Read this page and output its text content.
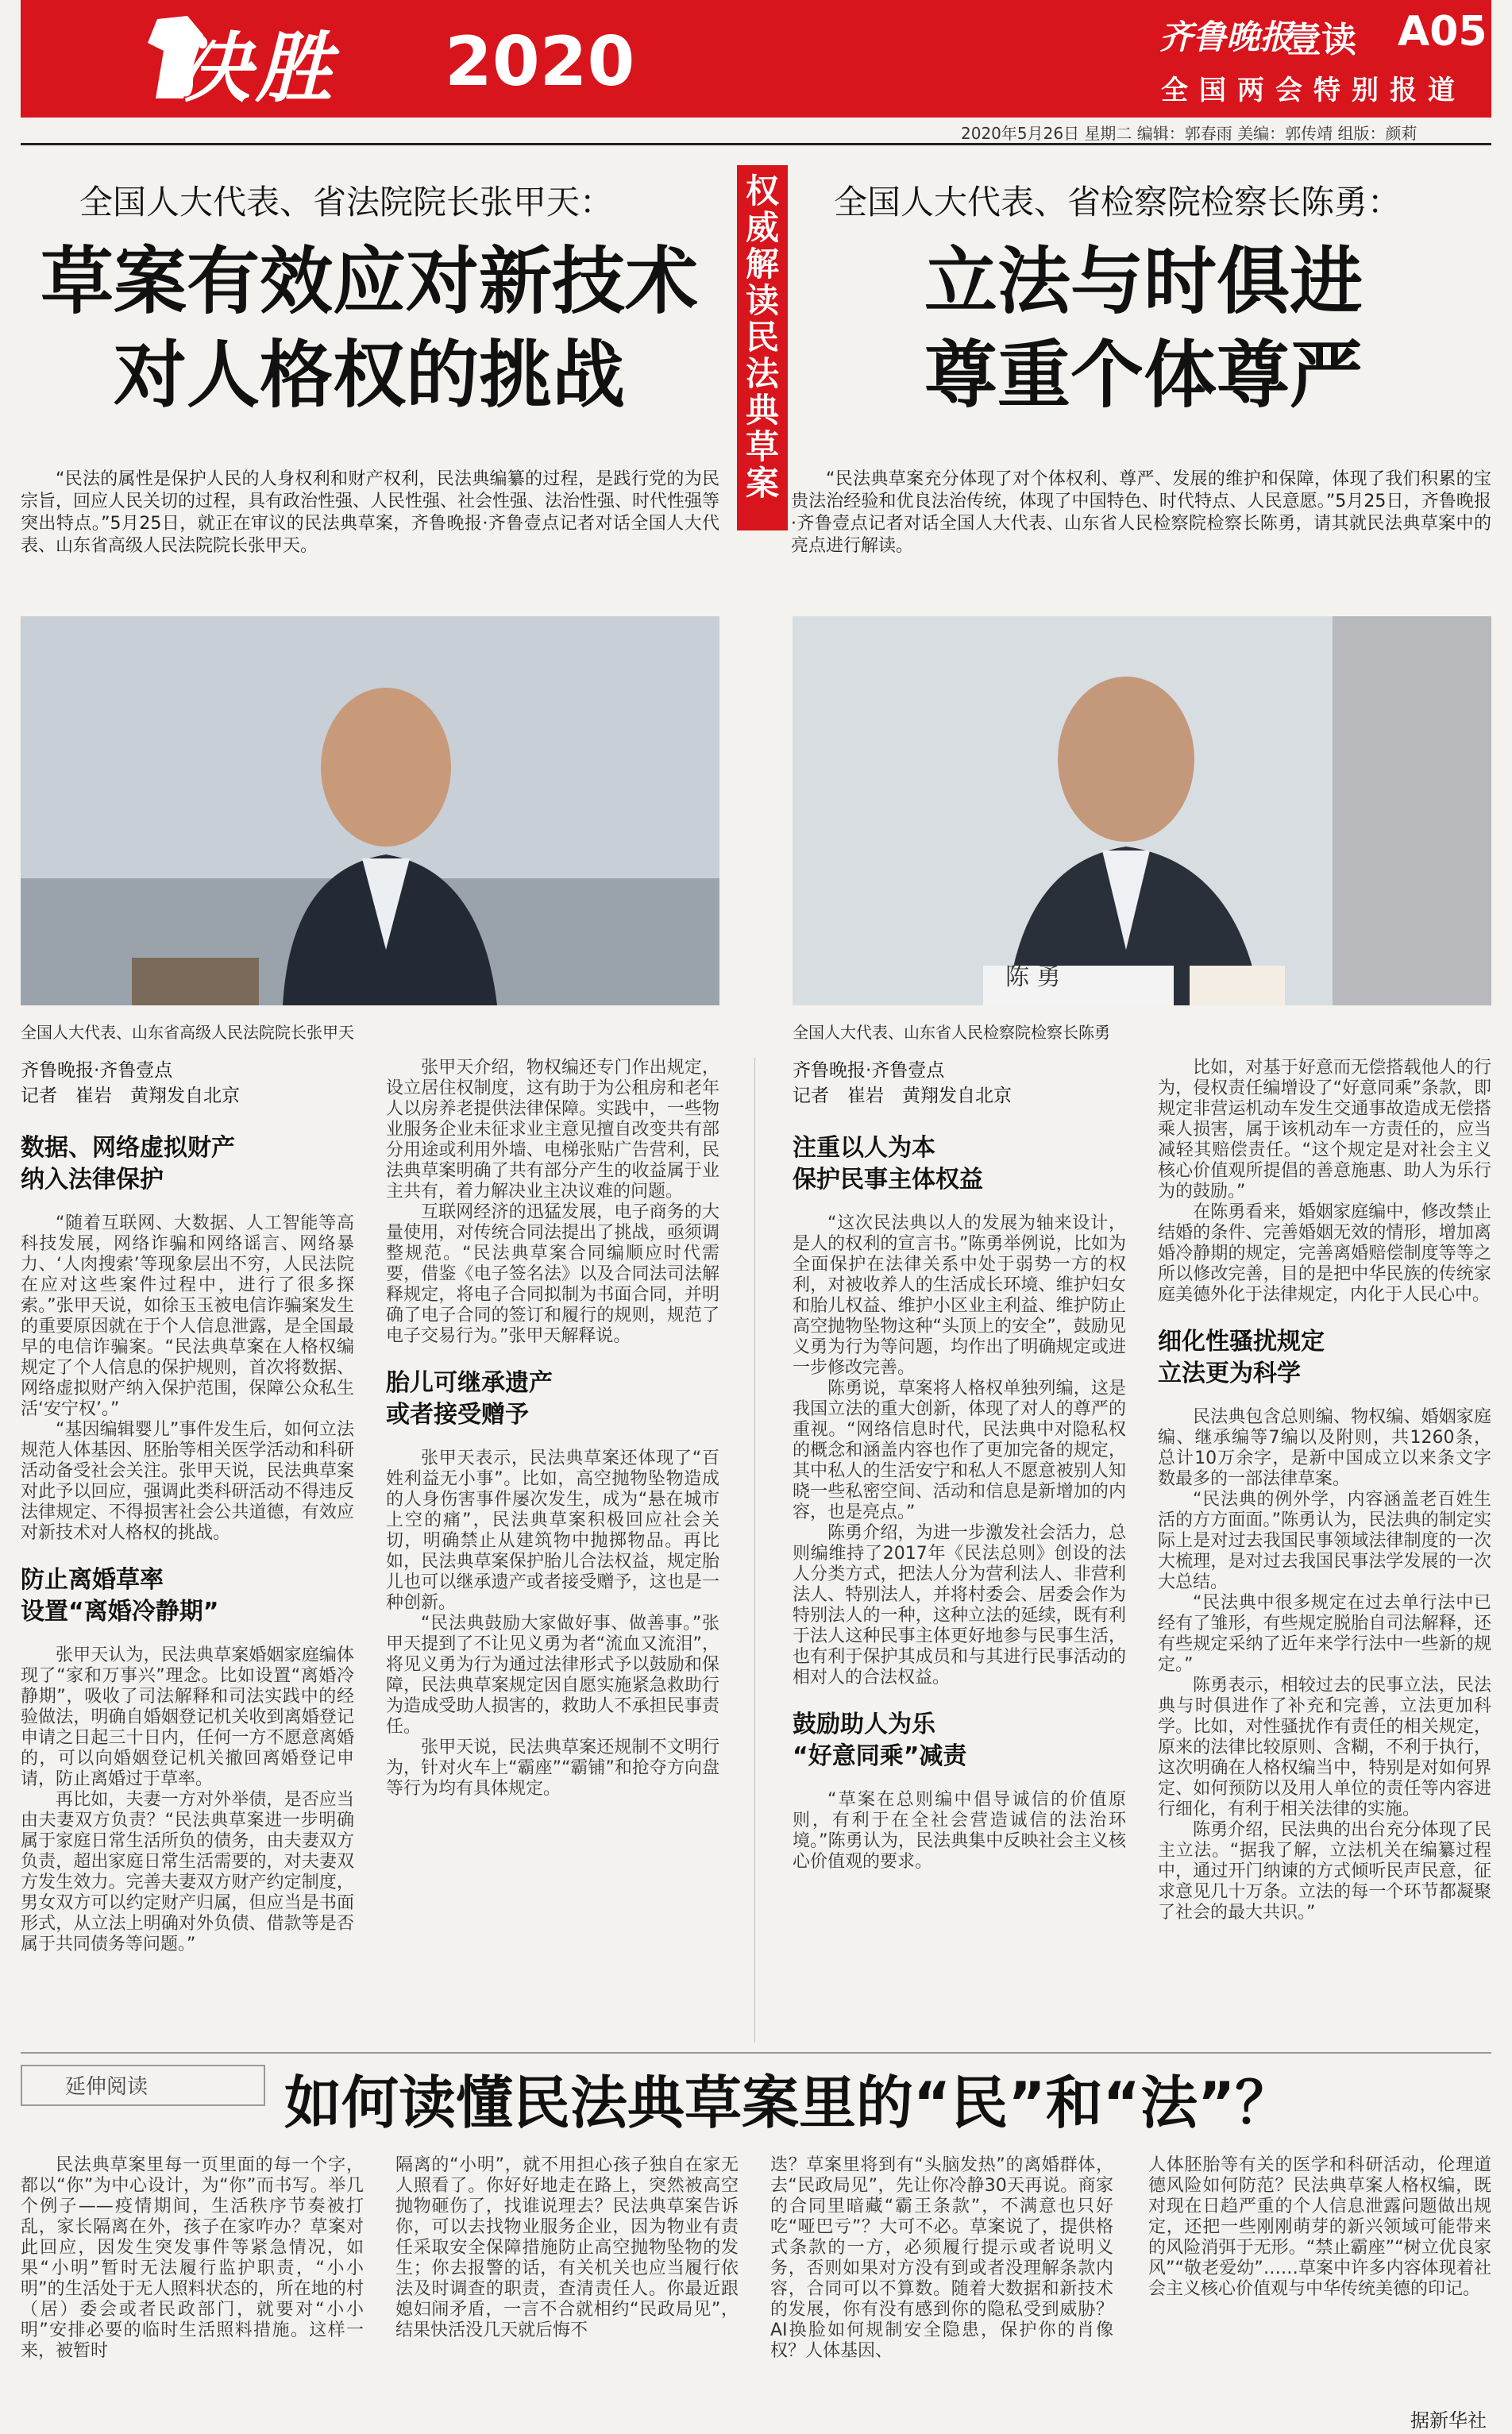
决胜 2020	齐鲁晚报
壹读 A05
全国两会特别报道
2020年5月26日 星期二 编辑：郭春雨 美编：郭传靖 组版：颜莉
权威解读民法典草案
全国人大代表、省法院院长张甲天：
草案有效应对新技术
对人格权的挑战
“民法的属性是保护人民的人身权利和财产权利，民法典编纂的过程，是践行党的为民宗旨，回应人民关切的过程，具有政治性强、人民性强、社会性强、法治性强、时代性强等突出特点。”5月25日，就正在审议的民法典草案，齐鲁晚报·齐鲁壹点记者对话全国人大代表、山东省高级人民法院院长张甲天。
全国人大代表、省检察院检察长陈勇：
立法与时俱进
尊重个体尊严
“民法典草案充分体现了对个体权利、尊严、发展的维护和保障，体现了我们积累的宝贵法治经验和优良法治传统，体现了中国特色、时代特点、人民意愿。”5月25日，齐鲁晚报·齐鲁壹点记者对话全国人大代表、山东省人民检察院检察长陈勇，请其就民法典草案中的亮点进行解读。
全国人大代表、山东省高级人民法院院长张甲天
陈 勇
全国人大代表、山东省人民检察院检察长陈勇
齐鲁晚报·齐鲁壹点
记者　崔岩　黄翔发自北京
数据、网络虚拟财产
纳入法律保护

“随着互联网、大数据、人工智能等高科技发展，网络诈骗和网络谣言、网络暴力、‘人肉搜索’等现象层出不穷，人民法院在应对这些案件过程中，进行了很多探索。”张甲天说，如徐玉玉被电信诈骗案发生的重要原因就在于个人信息泄露，是全国最早的电信诈骗案。“民法典草案在人格权编规定了个人信息的保护规则，首次将数据、网络虚拟财产纳入保护范围，保障公众私生活‘安宁权’。”

“基因编辑婴儿”事件发生后，如何立法规范人体基因、胚胎等相关医学活动和科研活动备受社会关注。张甲天说，民法典草案对此予以回应，强调此类科研活动不得违反法律规定、不得损害社会公共道德，有效应对新技术对人格权的挑战。

防止离婚草率
设置“离婚冷静期”

张甲天认为，民法典草案婚姻家庭编体现了“家和万事兴”理念。比如设置“离婚冷静期”，吸收了司法解释和司法实践中的经验做法，明确自婚姻登记机关收到离婚登记申请之日起三十日内，任何一方不愿意离婚的，可以向婚姻登记机关撤回离婚登记申请，防止离婚过于草率。

再比如，夫妻一方对外举债，是否应当由夫妻双方负责？“民法典草案进一步明确属于家庭日常生活所负的债务，由夫妻双方负责，超出家庭日常生活需要的，对夫妻双方发生效力。完善夫妻双方财产约定制度，男女双方可以约定财产归属，但应当是书面形式，从立法上明确对外负债、借款等是否属于共同债务等问题。”

张甲天介绍，物权编还专门作出规定，设立居住权制度，这有助于为公租房和老年人以房养老提供法律保障。实践中，一些物业服务企业未征求业主意见擅自改变共有部分用途或利用外墙、电梯张贴广告营利，民法典草案明确了共有部分产生的收益属于业主共有，着力解决业主决议难的问题。

互联网经济的迅猛发展，电子商务的大量使用，对传统合同法提出了挑战，亟须调整规范。“民法典草案合同编顺应时代需要，借鉴《电子签名法》以及合同法司法解释规定，将电子合同拟制为书面合同，并明确了电子合同的签订和履行的规则，规范了电子交易行为。”张甲天解释说。

胎儿可继承遗产
或者接受赠予

张甲天表示，民法典草案还体现了“百姓利益无小事”。比如，高空抛物坠物造成的人身伤害事件屡次发生，成为“悬在城市上空的痛”，民法典草案积极回应社会关切，明确禁止从建筑物中抛掷物品。再比如，民法典草案保护胎儿合法权益，规定胎儿也可以继承遗产或者接受赠予，这也是一种创新。

“民法典鼓励大家做好事、做善事。”张甲天提到了不让见义勇为者“流血又流泪”，将见义勇为行为通过法律形式予以鼓励和保障，民法典草案规定因自愿实施紧急救助行为造成受助人损害的，救助人不承担民事责任。

张甲天说，民法典草案还规制不文明行为，针对火车上“霸座”“霸铺”和抢夺方向盘等行为均有具体规定。

齐鲁晚报·齐鲁壹点
记者　崔岩　黄翔发自北京
注重以人为本
保护民事主体权益

“这次民法典以人的发展为轴来设计，是人的权利的宣言书。”陈勇举例说，比如为全面保护在法律关系中处于弱势一方的权利，对被收养人的生活成长环境、维护妇女和胎儿权益、维护小区业主利益、维护防止高空抛物坠物这种“头顶上的安全”，鼓励见义勇为行为等问题，均作出了明确规定或进一步修改完善。

陈勇说，草案将人格权单独列编，这是我国立法的重大创新，体现了对人的尊严的重视。“网络信息时代，民法典中对隐私权的概念和涵盖内容也作了更加完备的规定，其中私人的生活安宁和私人不愿意被别人知晓一些私密空间、活动和信息是新增加的内容，也是亮点。”

陈勇介绍，为进一步激发社会活力，总则编维持了2017年《民法总则》创设的法人分类方式，把法人分为营利法人、非营利法人、特别法人，并将村委会、居委会作为特别法人的一种，这种立法的延续，既有利于法人这种民事主体更好地参与民事生活，也有利于保护其成员和与其进行民事活动的相对人的合法权益。

鼓励助人为乐
“好意同乘”减责

“草案在总则编中倡导诚信的价值原则，有利于在全社会营造诚信的法治环境。”陈勇认为，民法典集中反映社会主义核心价值观的要求。

比如，对基于好意而无偿搭载他人的行为，侵权责任编增设了“好意同乘”条款，即规定非营运机动车发生交通事故造成无偿搭乘人损害，属于该机动车一方责任的，应当减轻其赔偿责任。“这个规定是对社会主义核心价值观所提倡的善意施惠、助人为乐行为的鼓励。”

在陈勇看来，婚姻家庭编中，修改禁止结婚的条件、完善婚姻无效的情形，增加离婚冷静期的规定，完善离婚赔偿制度等等之所以修改完善，目的是把中华民族的传统家庭美德外化于法律规定，内化于人民心中。

细化性骚扰规定
立法更为科学

民法典包含总则编、物权编、婚姻家庭编、继承编等7编以及附则，共1260条，总计10万余字，是新中国成立以来条文字数最多的一部法律草案。

“民法典的例外学，内容涵盖老百姓生活的方方面面。”陈勇认为，民法典的制定实际上是对过去我国民事领域法律制度的一次大梳理，是对过去我国民事法学发展的一次大总结。

“民法典中很多规定在过去单行法中已经有了雏形，有些规定脱胎自司法解释，还有些规定采纳了近年来学行法中一些新的规定。”

陈勇表示，相较过去的民事立法，民法典与时俱进作了补充和完善，立法更加科学。比如，对性骚扰作有责任的相关规定，原来的法律比较原则、含糊，不利于执行，这次明确在人格权编当中，特别是对如何界定、如何预防以及用人单位的责任等内容进行细化，有利于相关法律的实施。

陈勇介绍，民法典的出台充分体现了民主立法。“据我了解，立法机关在编纂过程中，通过开门纳谏的方式倾听民声民意，征求意见几十万条。立法的每一个环节都凝聚了社会的最大共识。”

延伸阅读	如何读懂民法典草案里的“民”和“法”？

民法典草案里每一页里面的每一个字，都以“你”为中心设计，为“你”而书写。举几个例子——疫情期间，生活秩序节奏被打乱，家长隔离在外，孩子在家咋办？草案对此回应，因发生突发事件等紧急情况，如果“小明”暂时无法履行监护职责，“小小明”的生活处于无人照料状态的，所在地的村（居）委会或者民政部门，就要对“小小明”安排必要的临时生活照料措施。这样一来，被暂时

隔离的“小明”，就不用担心孩子独自在家无人照看了。你好好地走在路上，突然被高空抛物砸伤了，找谁说理去？民法典草案告诉你，可以去找物业服务企业，因为物业有责任采取安全保障措施防止高空抛物坠物的发生；你去报警的话，有关机关也应当履行依法及时调查的职责，查清责任人。你最近跟媳妇闹矛盾，一言不合就相约“民政局见”，结果快活没几天就后悔不

迭？草案里将到有“头脑发热”的离婚群体，去“民政局见”，先让你冷静30天再说。商家的合同里暗藏“霸王条款”，不满意也只好吃“哑巴亏”？大可不必。草案说了，提供格式条款的一方，必须履行提示或者说明义务，否则如果对方没有到或者没理解条款内容，合同可以不算数。随着大数据和新技术的发展，你有没有感到你的隐私受到威胁？AI换脸如何规制安全隐患，保护你的肖像权？人体基因、

人体胚胎等有关的医学和科研活动，伦理道德风险如何防范？民法典草案人格权编，既对现在日趋严重的个人信息泄露问题做出规定，还把一些刚刚萌芽的新兴领域可能带来的风险消弭于无形。“禁止霸座”“树立优良家风”“敬老爱幼”……草案中许多内容体现着社会主义核心价值观与中华传统美德的印记。

据新华社
